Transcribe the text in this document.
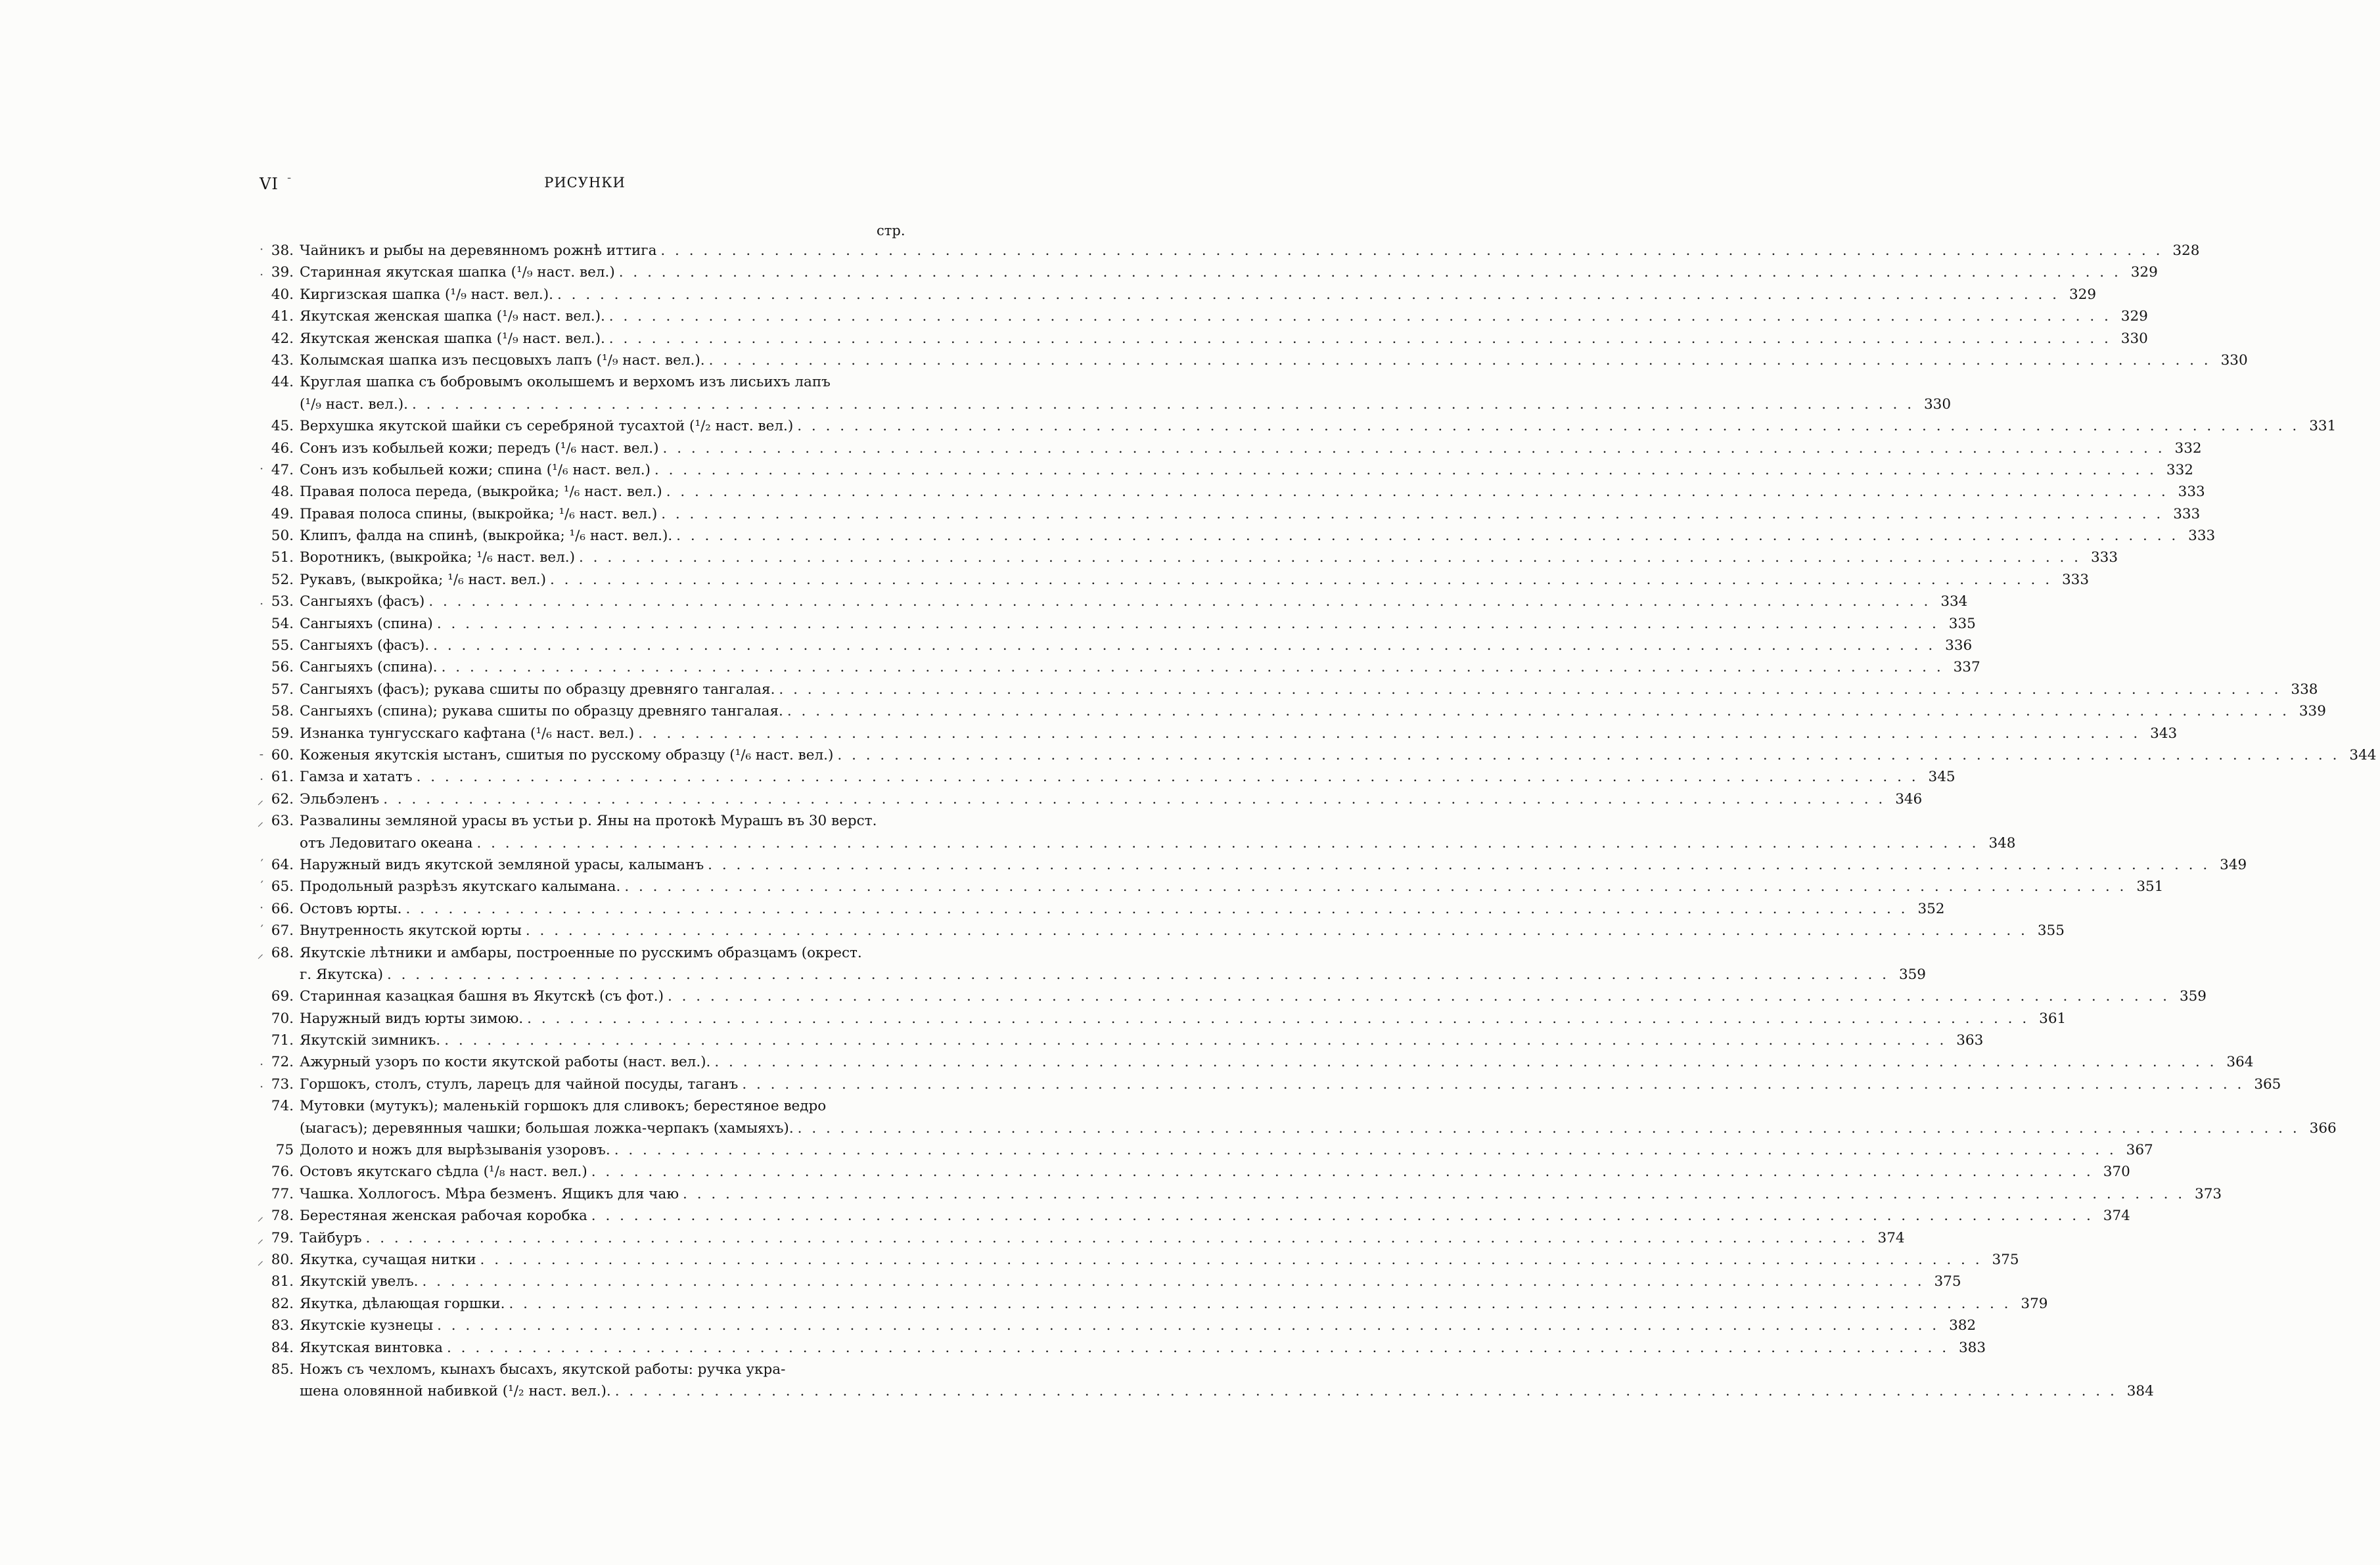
VI -	РИСУНКИ
стр.
· 38. Чайникъ и рыбы на деревянномъ рожнѣ иттига . . .	328
. 39. Старинная якутская шапка (¹/₉ наст. вел.) . . .	329
40. Киргизская шапка (¹/₉ наст. вел.). . . .	329
41. Якутская женская шапка (¹/₉ наст. вел.). . . .	329
42. Якутская женская шапка (¹/₉ наст. вел.). . . .	330
43. Колымская шапка изъ песцовыхъ лапъ (¹/₉ наст. вел.). . . .	330
44. Круглая шапка съ бобровымъ околышемъ и верхомъ изъ лисьихъ лапъ
(¹/₉ наст. вел.). . . .	330
45. Верхушка якутской шайки съ серебряной тусахтой (¹/₂ наст. вел.) . . .	331
46. Сонъ изъ кобыльей кожи; передъ (¹/₆ наст. вел.) . . .	332
· 47. Сонъ изъ кобыльей кожи; спина (¹/₆ наст. вел.) . . .	332
48. Правая полоса переда, (выкройка; ¹/₆ наст. вел.) . . .	333
49. Правая полоса спины, (выкройка; ¹/₆ наст. вел.) . . .	333
50. Клипъ, фалда на спинѣ, (выкройка; ¹/₆ наст. вел.). . . .	333
51. Воротникъ, (выкройка; ¹/₆ наст. вел.) . . .	333
52. Рукавъ, (выкройка; ¹/₆ наст. вел.) . . .	333
. 53. Сангыяхъ (фасъ) . . .	334
54. Сангыяхъ (спина) . . .	335
55. Сангыяхъ (фасъ). . . .	336
56. Сангыяхъ (спина). . . .	337
57. Сангыяхъ (фасъ); рукава сшиты по образцу древняго тангалая. . . .	338
58. Сангыяхъ (спина); рукава сшиты по образцу древняго тангалая. . . .	339
59. Изнанка тунгусскаго кафтана (¹/₆ наст. вел.) . . .	343
- 60. Коженыя якутскія ыстанъ, сшитыя по русскому образцу (¹/₆ наст. вел.) . . .	344
. 61. Гамза и хататъ . . .	345
⸝ 62. Эльбэленъ . . .	346
⸝ 63. Развалины земляной урасы въ устьи р. Яны на протокѣ Мурашъ въ 30 верст.
отъ Ледовитаго океана . . .	348
′ 64. Наружный видъ якутской земляной урасы, калыманъ . . .	349
′ 65. Продольный разрѣзъ якутскаго калымана. . . .	351
· 66. Остовъ юрты. . . .	352
′ 67. Внутренность якутской юрты . . .	355
⸝ 68. Якутскіе лѣтники и амбары, построенные по русскимъ образцамъ (окрест.
г. Якутска) . . .	359
69. Старинная казацкая башня въ Якутскѣ (съ фот.) . . .	359
70. Наружный видъ юрты зимою. . . .	361
71. Якутскій зимникъ. . . .	363
. 72. Ажурный узоръ по кости якутской работы (наст. вел.). . . .	364
. 73. Горшокъ, столъ, стулъ, ларецъ для чайной посуды, таганъ . . .	365
74. Мутовки (мутукъ); маленькій горшокъ для сливокъ; берестяное ведро
(ыагасъ); деревянныя чашки; большая ложка-черпакъ (хамыяхъ). . . .	366
75 Долото и ножъ для вырѣзыванія узоровъ. . . .	367
76. Остовъ якутскаго сѣдла (¹/₈ наст. вел.) . . .	370
77. Чашка. Холлогосъ. Мѣра безменъ. Ящикъ для чаю . . .	373
⸝ 78. Берестяная женская рабочая коробка . . .	374
⸝ 79. Тайбуръ . . .	374
⸝ 80. Якутка, сучащая нитки . . .	375
81. Якутскій увелъ. . . .	375
82. Якутка, дѣлающая горшки. . . .	379
83. Якутскіе кузнецы . . .	382
84. Якутская винтовка . . .	383
85. Ножъ съ чехломъ, кынахъ бысахъ, якутской работы: ручка укра-
шена оловянной набивкой (¹/₂ наст. вел.). . . .	384
